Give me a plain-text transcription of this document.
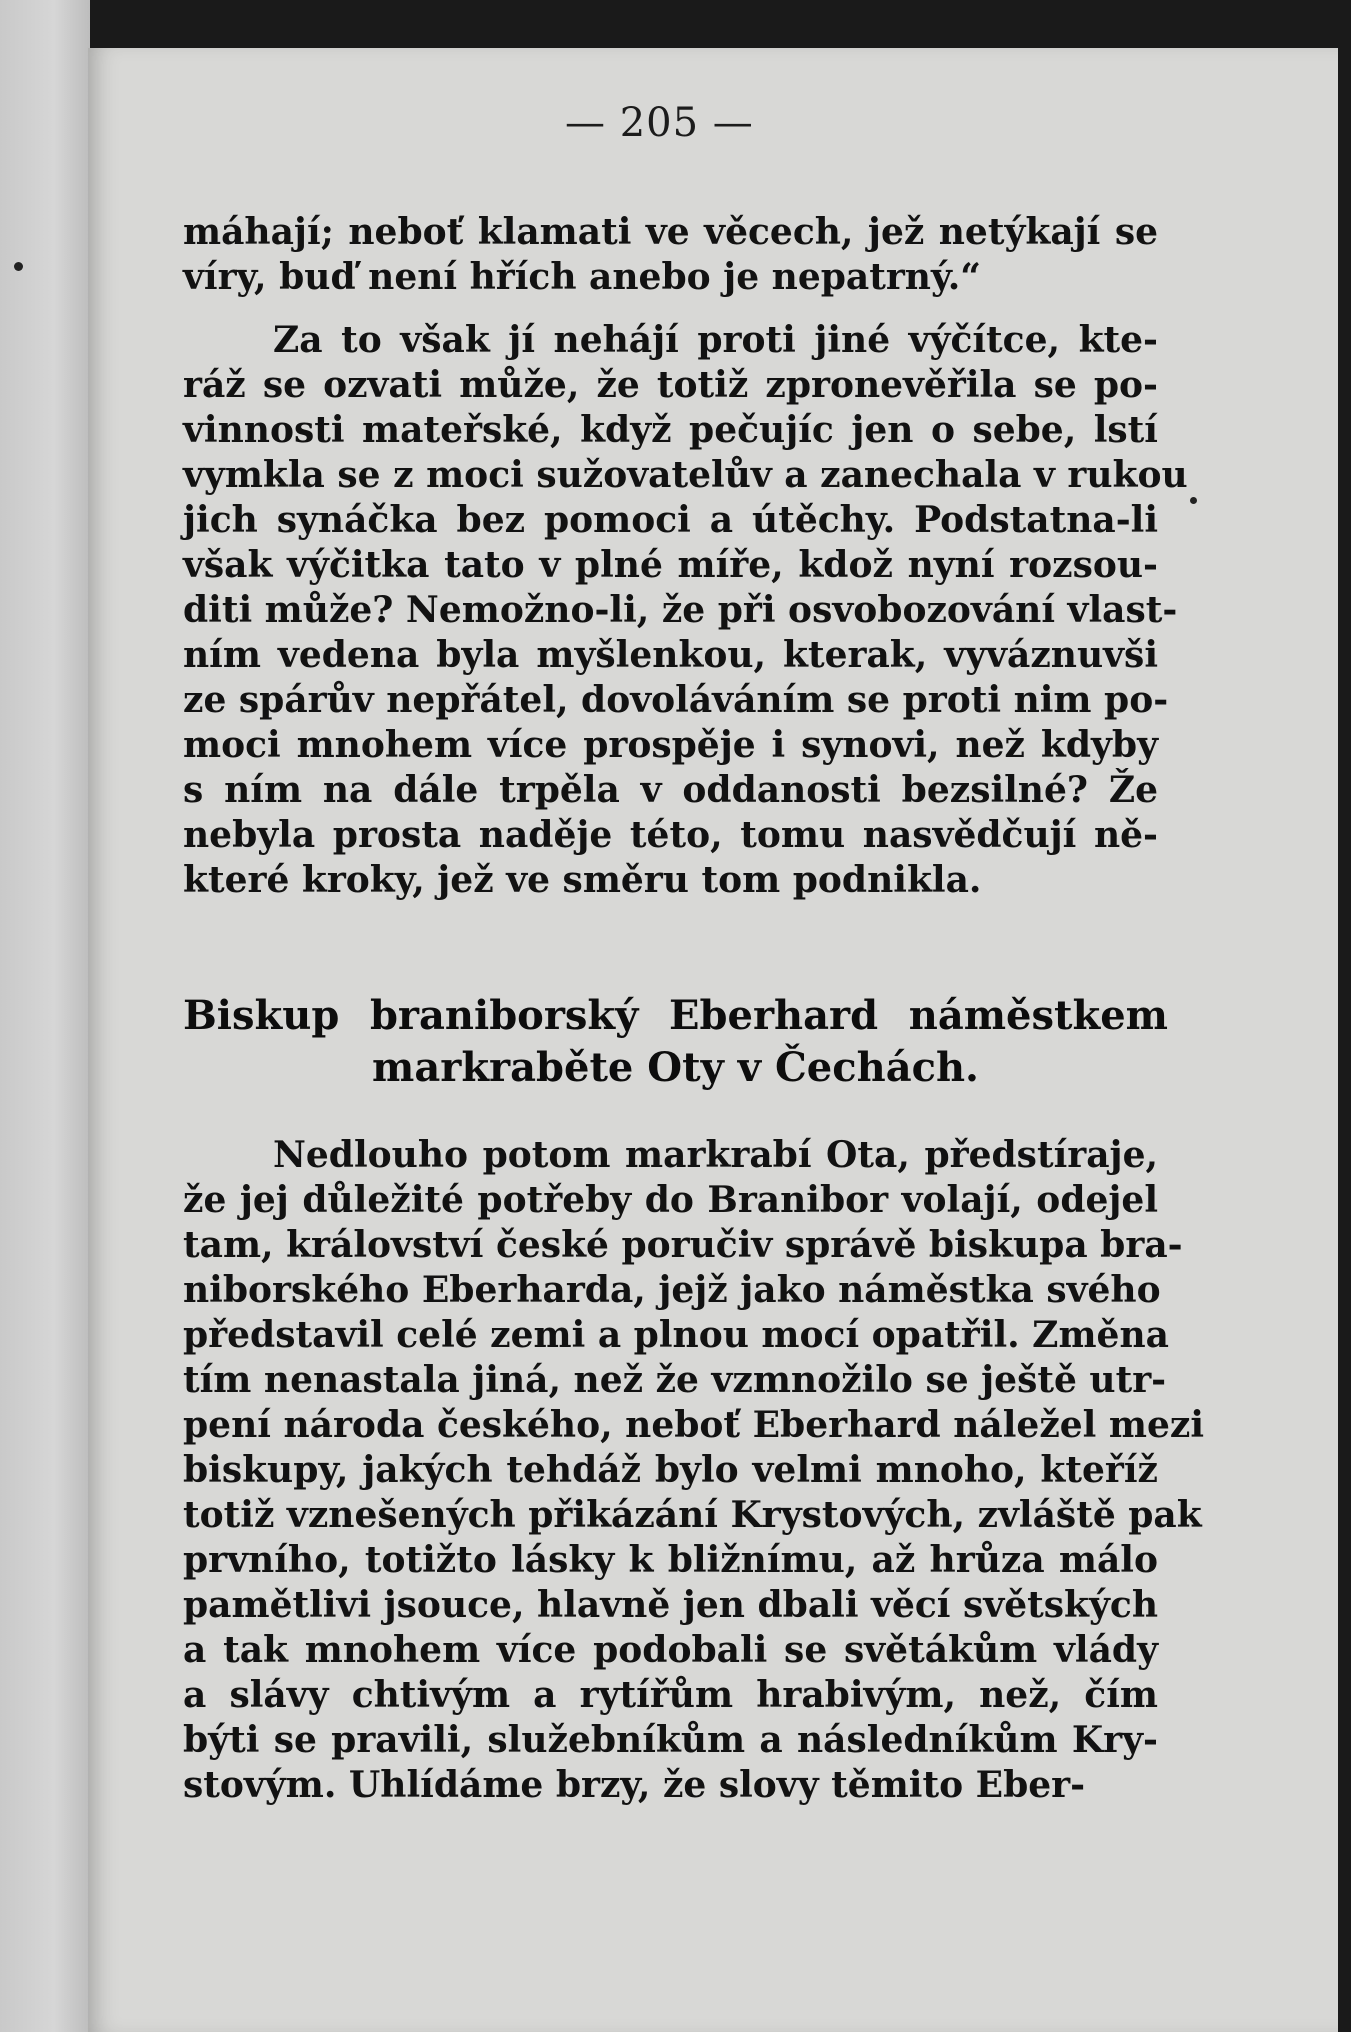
— 205 —
máhají; neboť klamati ve věcech, jež netýkají se
víry, buď není hřích anebo je nepatrný.“
Za to však jí nehájí proti jiné výčítce, kte-
ráž se ozvati může, že totiž zpronevěřila se po-
vinnosti mateřské, když pečujíc jen o sebe, lstí
vymkla se z moci sužovatelův a zanechala v rukou
jich synáčka bez pomoci a útěchy. Podstatna-li
však výčitka tato v plné míře, kdož nyní rozsou-
diti může? Nemožno-li, že při osvobozování vlast-
ním vedena byla myšlenkou, kterak, vyváznuvši
ze spárův nepřátel, dovoláváním se proti nim po-
moci mnohem více prospěje i synovi, než kdyby
s ním na dále trpěla v oddanosti bezsilné? Že
nebyla prosta naděje této, tomu nasvědčují ně-
které kroky, jež ve směru tom podnikla.
Biskup braniborský Eberhard náměstkem
markraběte Oty v Čechách.
Nedlouho potom markrabí Ota, předstíraje,
že jej důležité potřeby do Branibor volají, odejel
tam, království české poručiv správě biskupa bra-
niborského Eberharda, jejž jako náměstka svého
představil celé zemi a plnou mocí opatřil. Změna
tím nenastala jiná, než že vzmnožilo se ještě utr-
pení národa českého, neboť Eberhard náležel mezi
biskupy, jakých tehdáž bylo velmi mnoho, kteříž
totiž vznešených přikázání Krystových, zvláště pak
prvního, totižto lásky k bližnímu, až hrůza málo
pamětlivi jsouce, hlavně jen dbali věcí světských
a tak mnohem více podobali se světákům vlády
a slávy chtivým a rytířům hrabivým, než, čím
býti se pravili, služebníkům a následníkům Kry-
stovým. Uhlídáme brzy, že slovy těmito Eber-
